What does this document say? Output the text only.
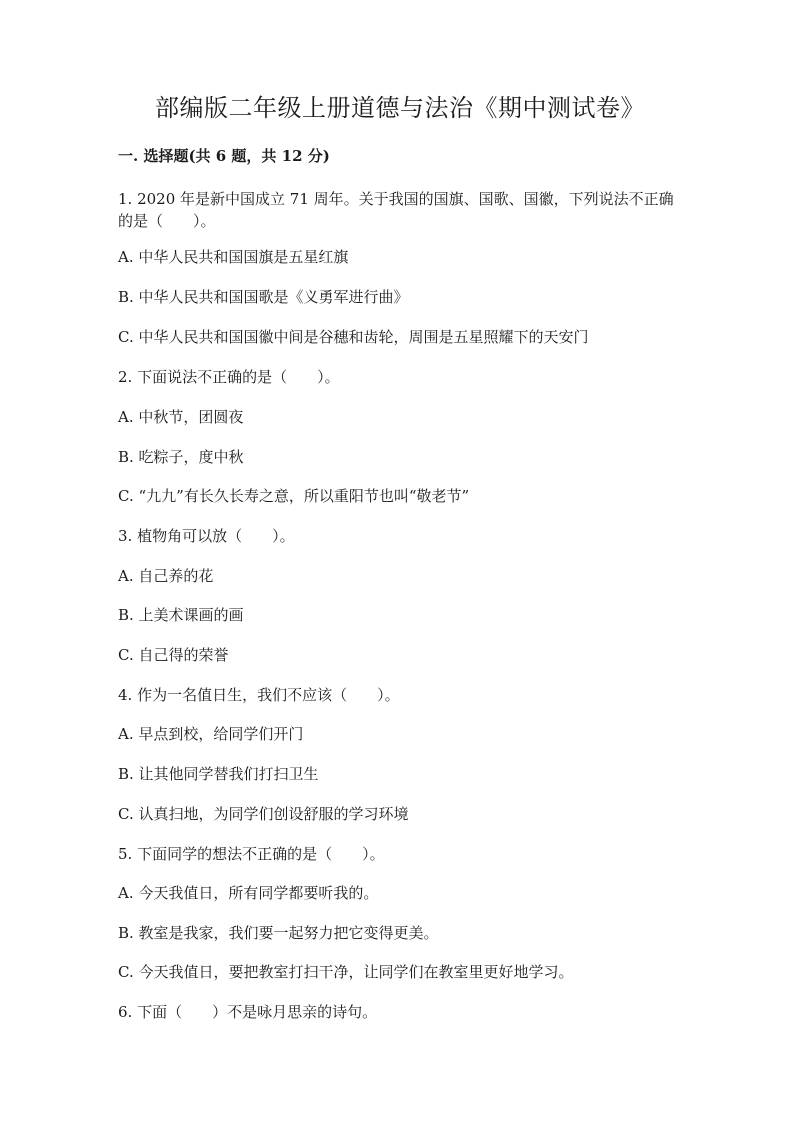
部编版二年级上册道德与法治《期中测试卷》
一. 选择题(共 6 题，共 12 分)

1. 2020 年是新中国成立 71 周年。关于我国的国旗、国歌、国徽，下列说法不正确的是（　　）。

A. 中华人民共和国国旗是五星红旗

B. 中华人民共和国国歌是《义勇军进行曲》

C. 中华人民共和国国徽中间是谷穗和齿轮，周围是五星照耀下的天安门

2. 下面说法不正确的是（　　）。

A. 中秋节，团圆夜

B. 吃粽子，度中秋

C. “九九”有长久长寿之意，所以重阳节也叫“敬老节”

3. 植物角可以放（　　）。

A. 自己养的花

B. 上美术课画的画

C. 自己得的荣誉

4. 作为一名值日生，我们不应该（　　）。

A. 早点到校，给同学们开门

B. 让其他同学替我们打扫卫生

C. 认真扫地，为同学们创设舒服的学习环境

5. 下面同学的想法不正确的是（　　）。

A. 今天我值日，所有同学都要听我的。

B. 教室是我家，我们要一起努力把它变得更美。

C. 今天我值日，要把教室打扫干净，让同学们在教室里更好地学习。

6. 下面（　　）不是咏月思亲的诗句。
